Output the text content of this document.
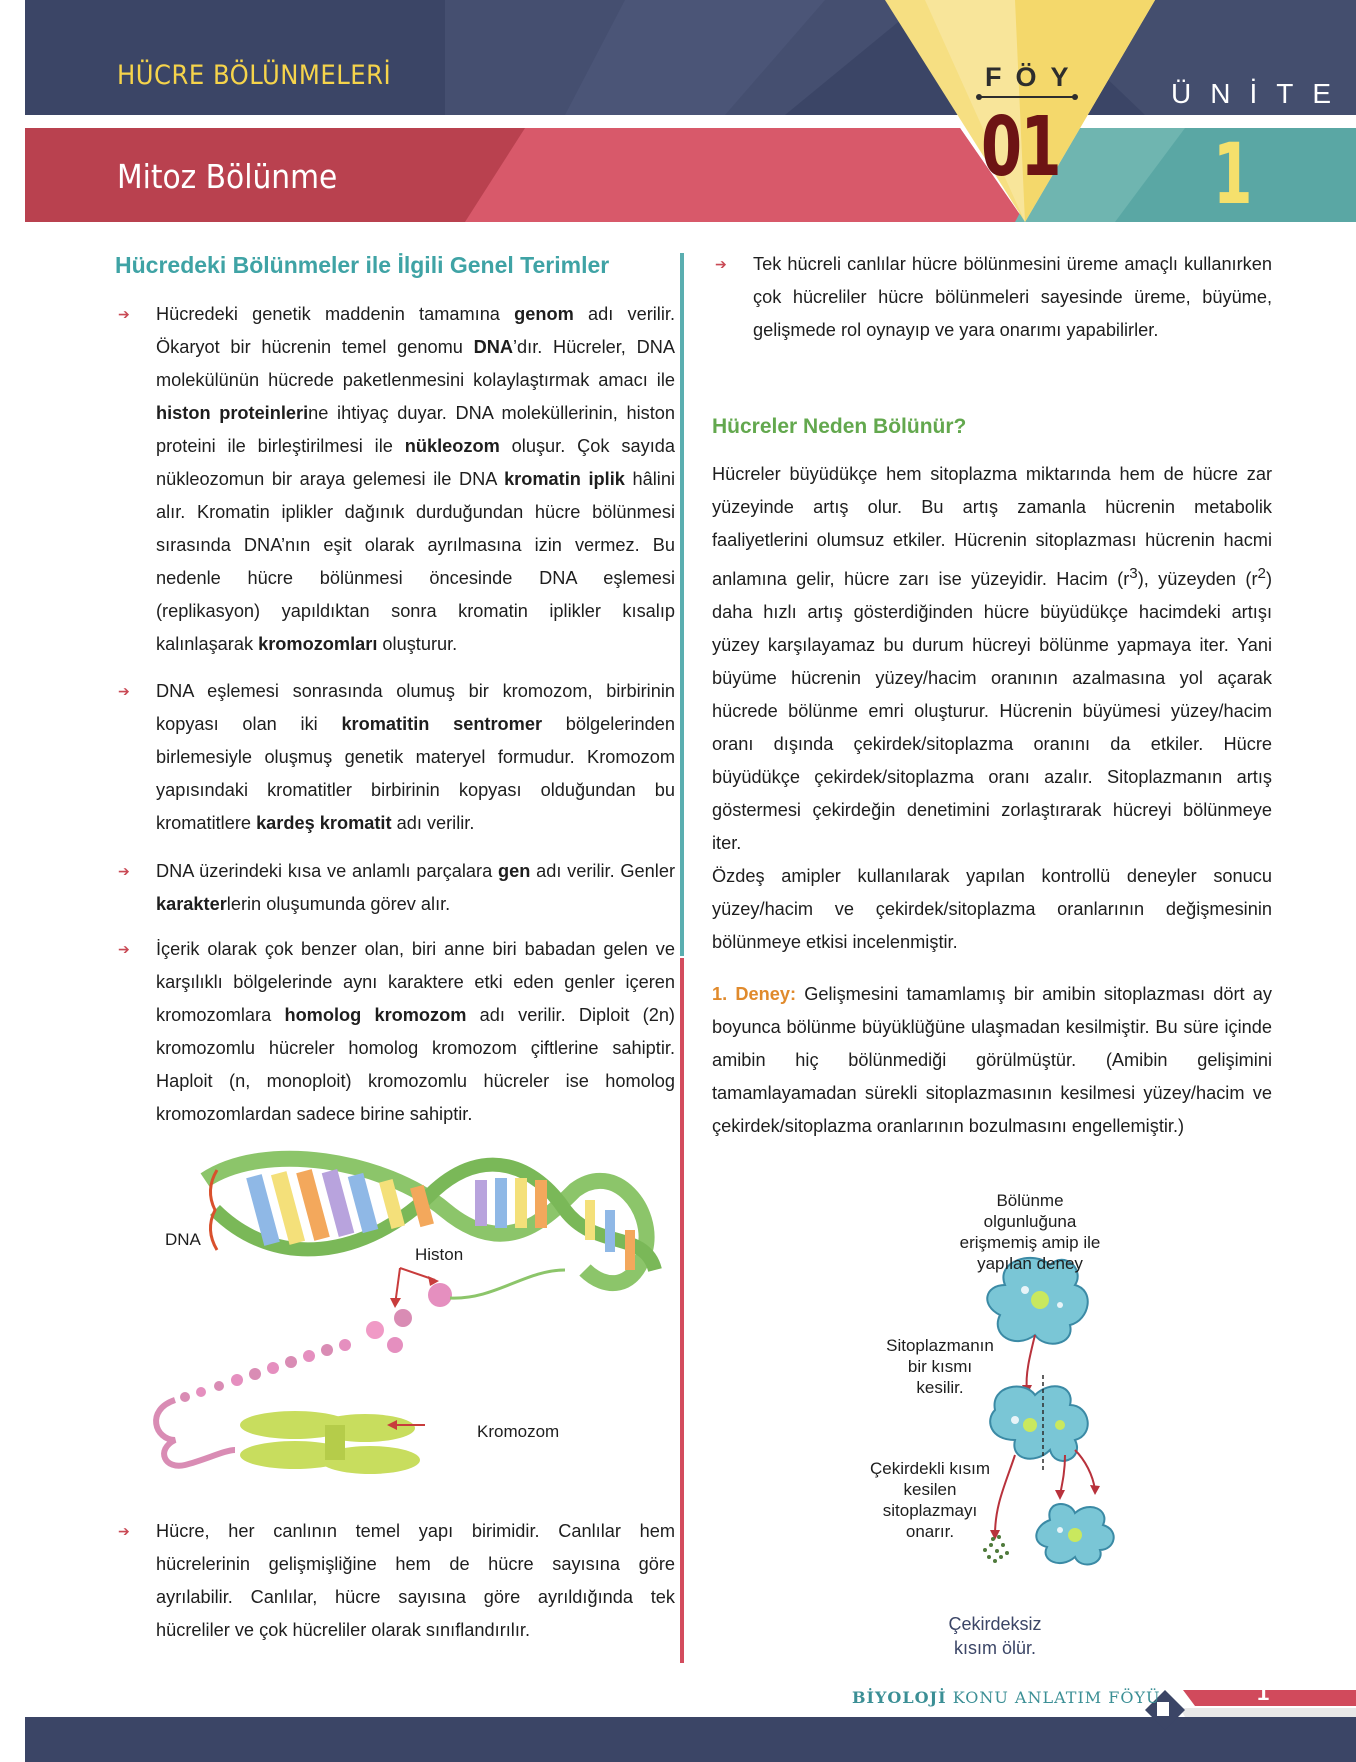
HÜCRE BÖLÜNMELERİ
Mitoz Bölünme
FÖY
01
ÜNİTE
1
Hücredeki Bölünmeler ile İlgili Genel Terimler
➔ Hücredeki genetik maddenin tamamına genom adı verilir. Ökaryot bir hücrenin temel genomu DNA’dır. Hücreler, DNA molekülünün hücrede paketlenmesini kolaylaştırmak amacı ile histon proteinlerine ihtiyaç duyar. DNA moleküllerinin, histon proteini ile birleştirilmesi ile nükleozom oluşur. Çok sayıda nükleozomun bir araya gelemesi ile DNA kromatin iplik hâlini alır. Kromatin iplikler dağınık durduğundan hücre bölünmesi sırasında DNA’nın eşit olarak ayrılmasına izin vermez. Bu nedenle hücre bölünmesi öncesinde DNA eşlemesi (replikasyon) yapıldıktan sonra kromatin iplikler kısalıp kalınlaşarak kromozomları oluşturur.
➔ DNA eşlemesi sonrasında olumuş bir kromozom, birbirinin kopyası olan iki kromatitin sentromer bölgelerinden birlemesiyle oluşmuş genetik materyel formudur. Kromozom yapısındaki kromatitler birbirinin kopyası olduğundan bu kromatitlere kardeş kromatit adı verilir.
➔ DNA üzerindeki kısa ve anlamlı parçalara gen adı verilir. Genler karakterlerin oluşumunda görev alır.
➔ İçerik olarak çok benzer olan, biri anne biri babadan gelen ve karşılıklı bölgelerinde aynı karaktere etki eden genler içeren kromozomlara homolog kromozom adı verilir. Diploit (2n) kromozomlu hücreler homolog kromozom çiftlerine sahiptir. Haploit (n, monoploit) kromozomlu hücreler ise homolog kromozomlardan sadece birine sahiptir.
DNA
Histon
Kromozom
➔ Hücre, her canlının temel yapı birimidir. Canlılar hem hücrelerinin gelişmişliğine hem de hücre sayısına göre ayrılabilir. Canlılar, hücre sayısına göre ayrıldığında tek hücreliler ve çok hücreliler olarak sınıflandırılır.
➔ Tek hücreli canlılar hücre bölünmesini üreme amaçlı kullanırken çok hücreliler hücre bölünmeleri sayesinde üreme, büyüme, gelişmede rol oynayıp ve yara onarımı yapabilirler.
Hücreler Neden Bölünür?
Hücreler büyüdükçe hem sitoplazma miktarında hem de hücre zar yüzeyinde artış olur. Bu artış zamanla hücrenin metabolik faaliyetlerini olumsuz etkiler. Hücrenin sitoplazması hücrenin hacmi anlamına gelir, hücre zarı ise yüzeyidir. Hacim $(r^3)$, yüzeyden $(r^2)$ daha hızlı artış gösterdiğinden hücre büyüdükçe hacimdeki artışı yüzey karşılayamaz bu durum hücreyi bölünme yapmaya iter. Yani büyüme hücrenin yüzey/hacim oranının azalmasına yol açarak hücrede bölünme emri oluşturur. Hücrenin büyümesi yüzey/hacim oranı dışında çekirdek/sitoplazma oranını da etkiler. Hücre büyüdükçe çekirdek/sitoplazma oranı azalır. Sitoplazmanın artış göstermesi çekirdeğin denetimini zorlaştırarak hücreyi bölünmeye iter.
Özdeş amipler kullanılarak yapılan kontrollü deneyler sonucu yüzey/hacim ve çekirdek/sitoplazma oranlarının değişmesinin bölünmeye etkisi incelenmiştir.
1. Deney: Gelişmesini tamamlamış bir amibin sitoplazması dört ay boyunca bölünme büyüklüğüne ulaşmadan kesilmiştir. Bu süre içinde amibin hiç bölünmediği görülmüştür. (Amibin gelişimini tamamlayamadan sürekli sitoplazmasının kesilmesi yüzey/hacim ve çekirdek/sitoplazma oranlarının bozulmasını engellemiştir.)
Bölünme olgunluğuna
erişmemiş amip ile
yapılan deney
Sitoplazmanın
bir kısmı
kesilir.
Çekirdekli kısım
kesilen
sitoplazmayı
onarır.
Çekirdeksiz
kısım ölür.
BİYOLOJİ KONU ANLATIM FÖYÜ	1
